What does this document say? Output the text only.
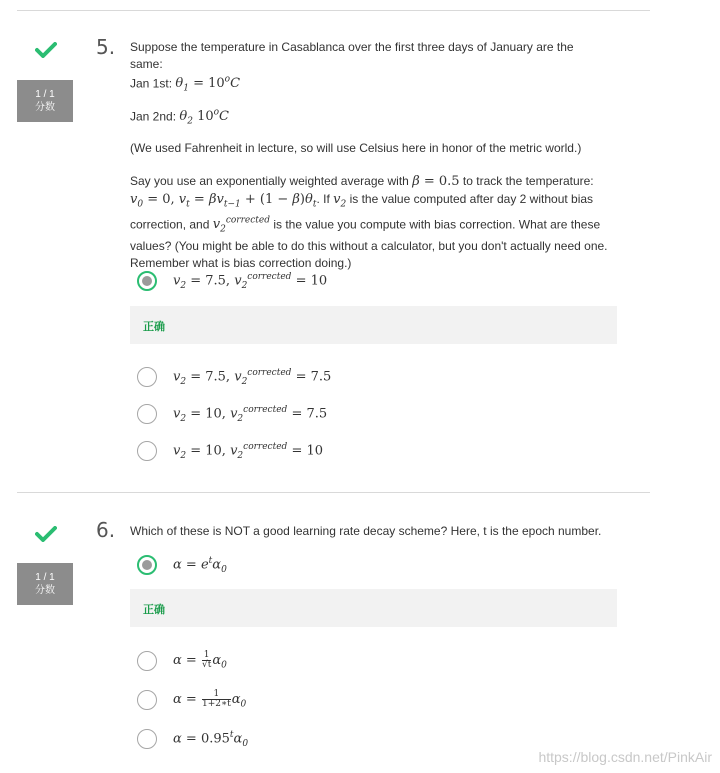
1 / 1
分数
5. Suppose the temperature in Casablanca over the first three days of January are the same:
Jan 1st: $\theta_1 = 10^oC$
Jan 2nd: $\theta_2$ 10$^o$C
(We used Fahrenheit in lecture, so will use Celsius here in honor of the metric world.)
Say you use an exponentially weighted average with β = 0.5 to track the temperature: $v_0 = 0$, $v_t = \beta v_{t-1} + (1 - \beta)\theta_t$. If $v_2$ is the value computed after day 2 without bias correction, and $v_2^{corrected}$ is the value you compute with bias correction. What are these values? (You might be able to do this without a calculator, but you don't actually need one. Remember what is bias correction doing.)
$v_2 = 7.5$, $v_2^{corrected} = 10$
正确
$v_2 = 7.5$, $v_2^{corrected} = 7.5$
$v_2 = 10$, $v_2^{corrected} = 7.5$
$v_2 = 10$, $v_2^{corrected} = 10$
1 / 1
分数
6. Which of these is NOT a good learning rate decay scheme? Here, t is the epoch number.
$\alpha = e^t\alpha_0$
正确
$\alpha = \frac{1}{√t} \alpha_0$
$\alpha = \frac{1}{1+2∗t} \alpha_0$
$\alpha = 0.95^t\alpha_0$
https://blog.csdn.net/PinkAir
